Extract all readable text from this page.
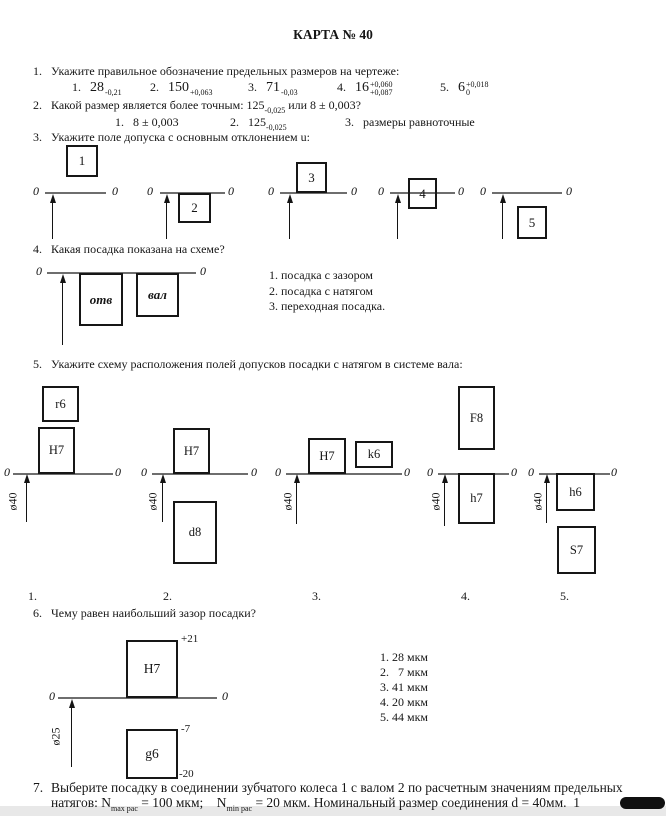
КАРТА № 40
1. Укажите правильное обозначение предельных размеров на чертеже:
1. 28 -0,21 2. 150 +0,063	3. 71 -0,03	4. 16 +0,060
+0,087	5. 6 +0,018
0
2. Какой размер является более точным: $125_{-0,025}$ или 8 ± 0,003?
1. 8 ± 0,003	2. $125_{-0,025}$	3. размеры равноточные
3. Укажите поле допуска с основным отклонением u:
0	0
1
0	0
2
0	0
3
0	0
4	0	0
5
4. Какая посадка показана на схеме?
0	0
отв	вал
1. посадка с зазором
2. посадка с натягом
3. переходная посадка.
5. Укажите схему расположения полей допусков посадки с натягом в системе вала:
0	0
r6
H7
ø40
0	0
H7
d8
ø40
0	0
H7	k6
ø40
0	0
F8
h7
ø40
0	0
h6
S7
ø40
1.	2.	3.	4.	5.
6. Чему равен наибольший зазор посадки?
H7
+21
0	0
ø25
g6
-7
-20
1. 28 мкм
2.   7 мкм
3. 41 мкм
4. 20 мкм
5. 44 мкм
7. Выберите посадку в соединении зубчатого колеса 1 с валом 2 по расчетным значениям предельных
натягов: $N_{max рас} = 100$ мкм;    $N_{min рас} = 20$ мкм. Номинальный размер соединения d = 40мм.  1
